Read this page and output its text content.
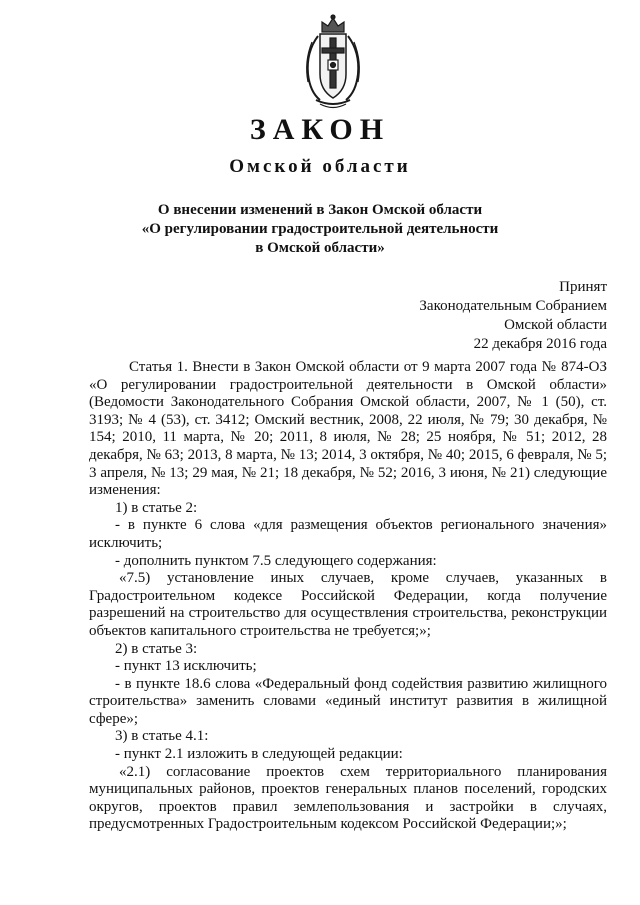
ЗАКОН
Омской области
О внесении изменений в Закон Омской области
«О регулировании градостроительной деятельности
в Омской области»
Принят
Законодательным Собранием
Омской области
22 декабря 2016 года

Статья 1. Внести в Закон Омской области от 9 марта 2007 года № 874-ОЗ «О регулировании градостроительной деятельности в Омской области» (Ведомости Законодательного Собрания Омской области, 2007, № 1 (50), ст. 3193; № 4 (53), ст. 3412; Омский вестник, 2008, 22 июля, № 79; 30 декабря, № 154; 2010, 11 марта, № 20; 2011, 8 июля, № 28; 25 ноября, № 51; 2012, 28 декабря, № 63; 2013, 8 марта, № 13; 2014, 3 октября, № 40; 2015, 6 февраля, № 5; 3 апреля, № 13; 29 мая, № 21; 18 декабря, № 52; 2016, 3 июня, № 21) следующие изменения:

1) в статье 2:

- в пункте 6 слова «для размещения объектов регионального значения» исключить;

- дополнить пунктом 7.5 следующего содержания:

«7.5) установление иных случаев, кроме случаев, указанных в Градостроительном кодексе Российской Федерации, когда получение разрешений на строительство для осуществления строительства, реконструкции объектов капитального строительства не требуется;»;

2) в статье 3:

- пункт 13 исключить;

- в пункте 18.6 слова «Федеральный фонд содействия развитию жилищного строительства» заменить словами «единый институт развития в жилищной сфере»;

3) в статье 4.1:

- пункт 2.1 изложить в следующей редакции:

«2.1) согласование проектов схем территориального планирования муниципальных районов, проектов генеральных планов поселений, городских округов, проектов правил землепользования и застройки в случаях, предусмотренных Градостроительным кодексом Российской Федерации;»;
